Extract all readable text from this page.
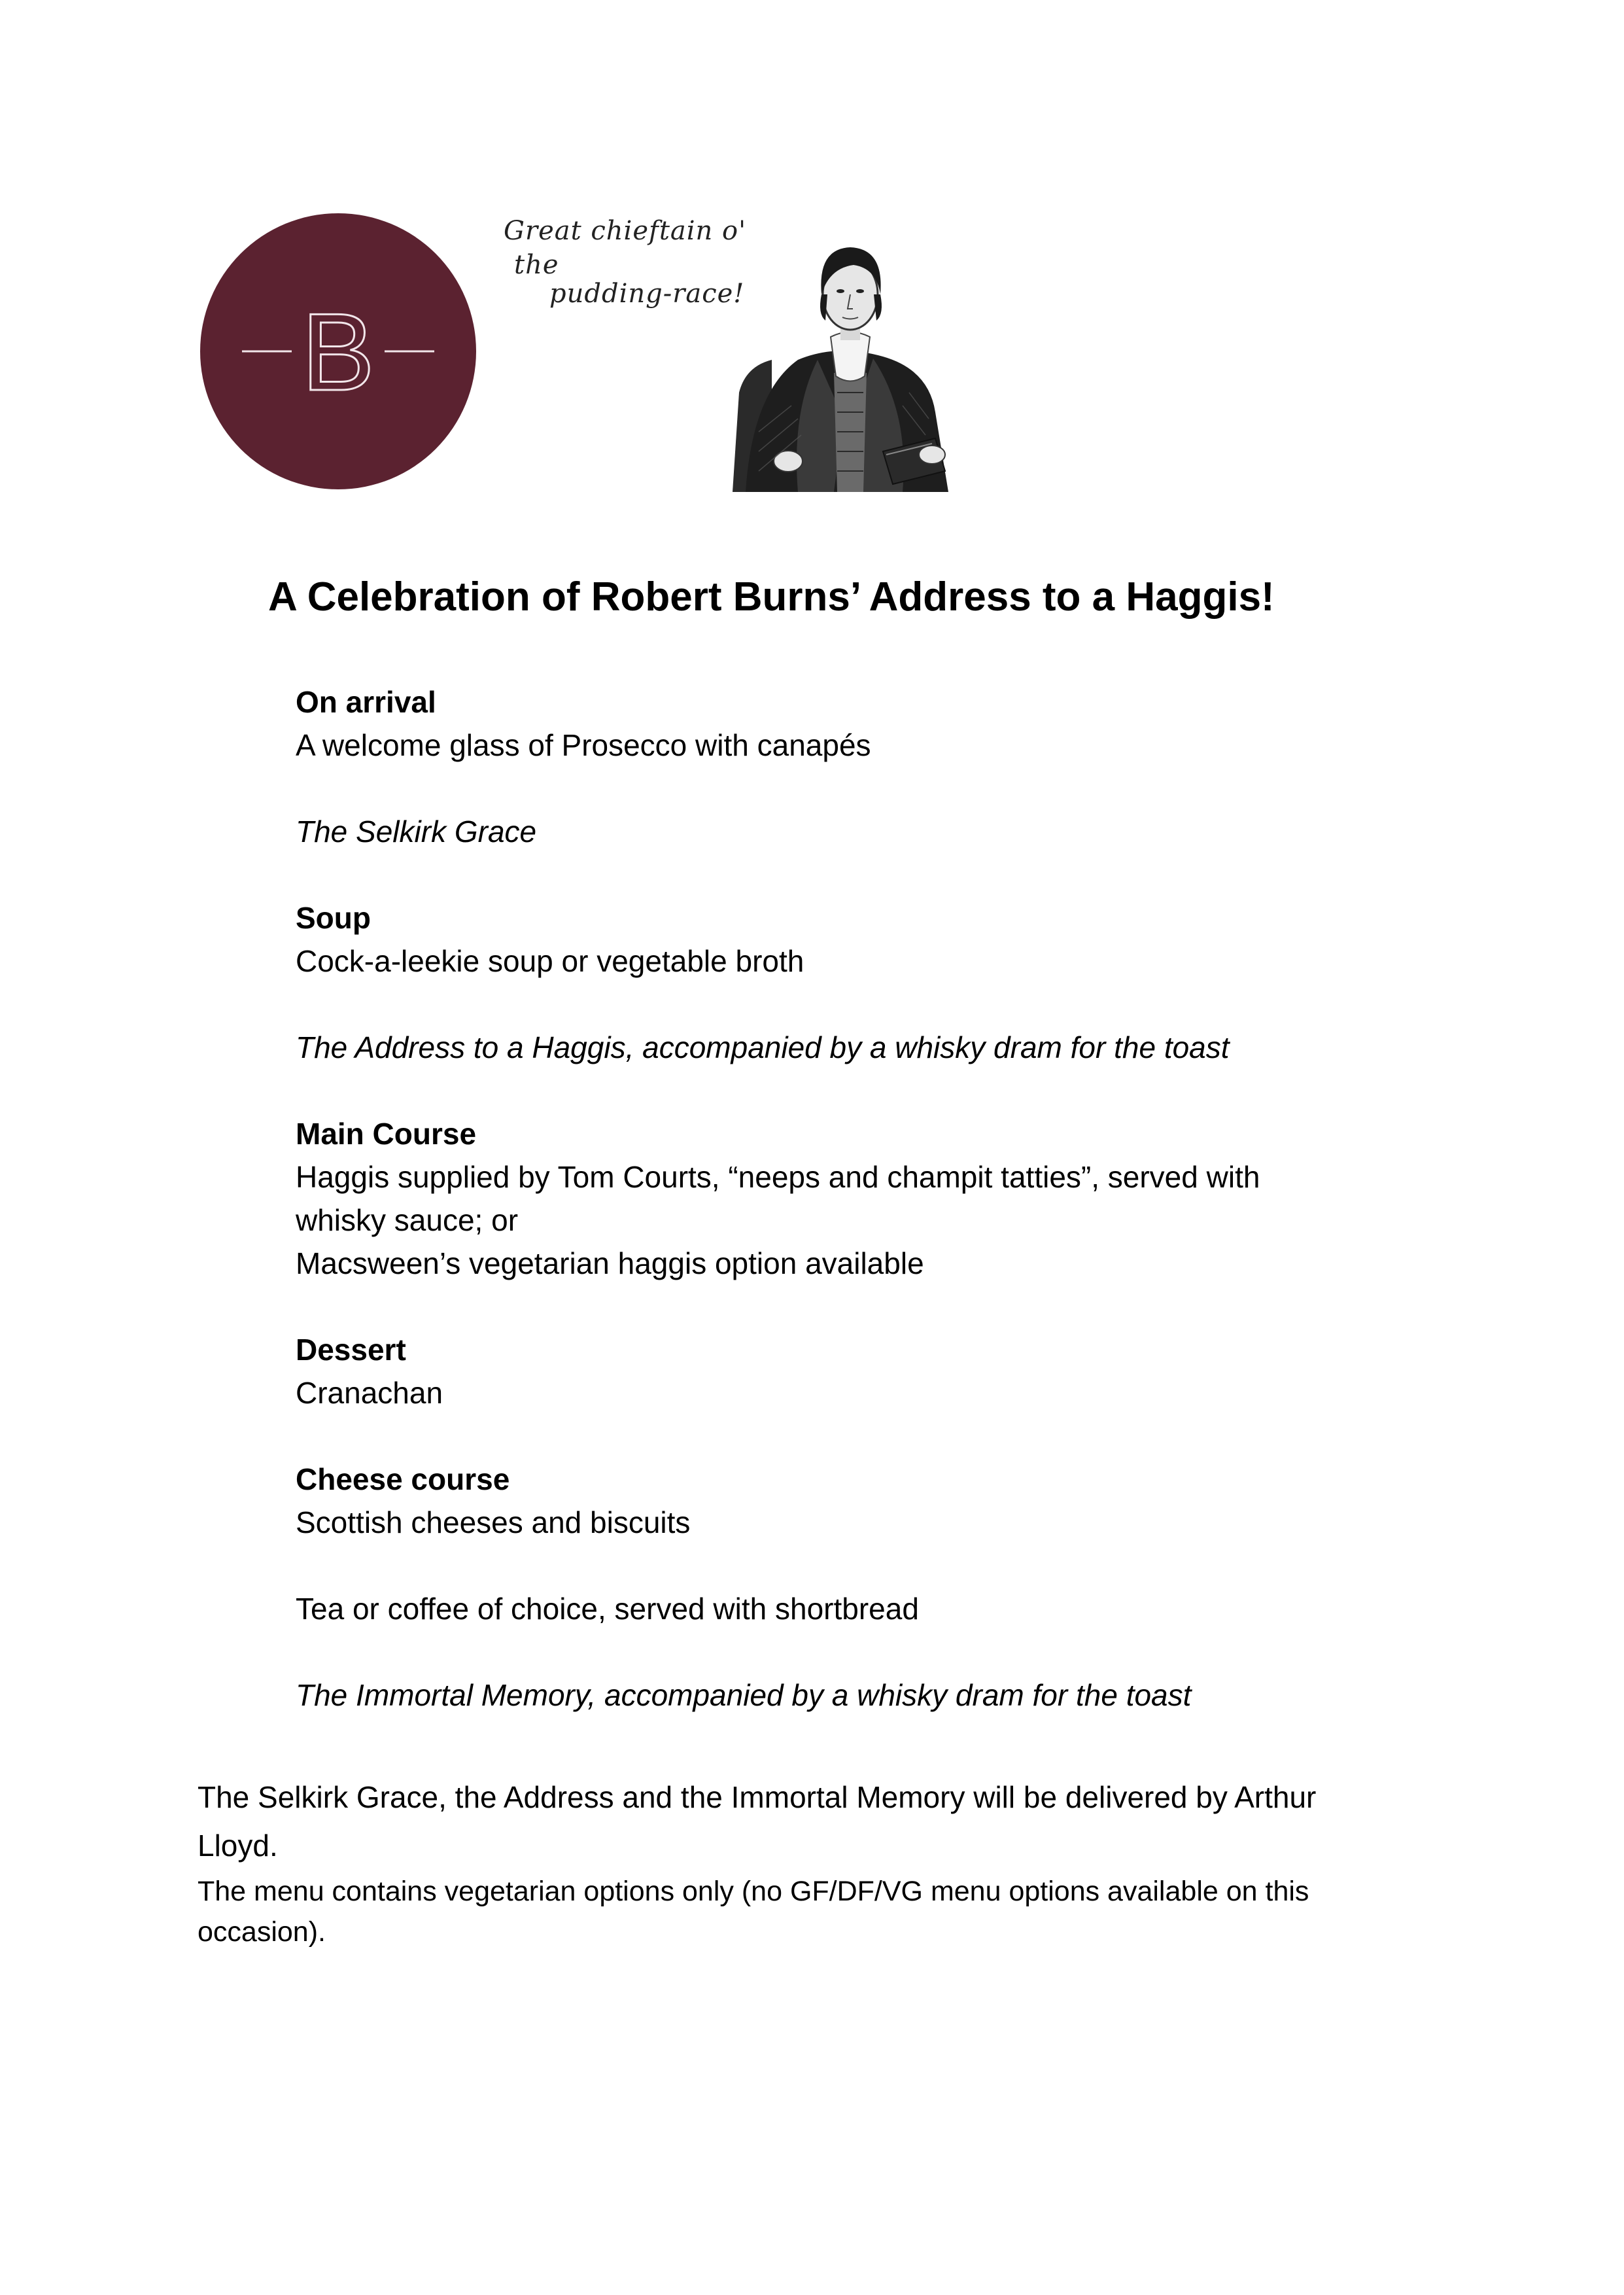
B
Great chieftain o'
the
pudding-race!
A Celebration of Robert Burns’ Address to a Haggis!

On arrival

A welcome glass of Prosecco with canapés

The Selkirk Grace

Soup

Cock-a-leekie soup or vegetable broth

The Address to a Haggis, accompanied by a whisky dram for the toast

Main Course

Haggis supplied by Tom Courts, “neeps and champit tatties”, served with

whisky sauce; or

Macsween’s vegetarian haggis option available

Dessert

Cranachan

Cheese course

Scottish cheeses and biscuits

Tea or coffee of choice, served with shortbread

The Immortal Memory, accompanied by a whisky dram for the toast

The Selkirk Grace, the Address and the Immortal Memory will be delivered by Arthur

Lloyd.

The menu contains vegetarian options only (no GF/DF/VG menu options available on this

occasion).
